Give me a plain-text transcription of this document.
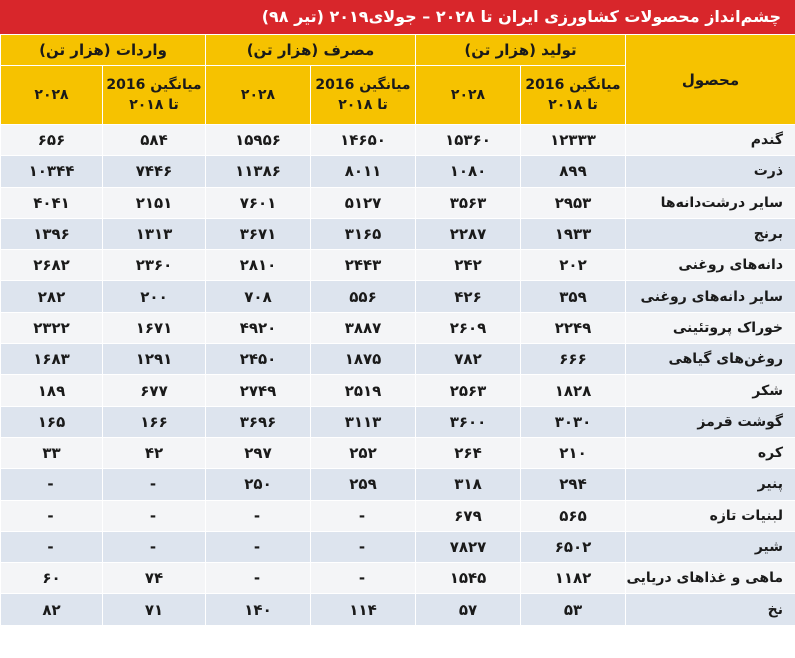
چشم‌انداز محصولات کشاورزی ایران تا ۲۰۲۸ – جولای۲۰۱۹ (تیر ۹۸)
محصول	تولید (هزار تن)		مصرف (هزار تن)		واردات (هزار تن)	
	میانگین 2016 تا ۲۰۱۸	۲۰۲۸	میانگین 2016 تا ۲۰۱۸	۲۰۲۸	میانگین 2016 تا ۲۰۱۸	۲۰۲۸
گندم	۱۲۳۳۳	۱۵۳۶۰	۱۴۶۵۰	۱۵۹۵۶	۵۸۴	۶۵۶
ذرت	۸۹۹	۱۰۸۰	۸۰۱۱	۱۱۳۸۶	۷۴۴۶	۱۰۳۴۴
سایر درشت‌دانه‌ها	۲۹۵۳	۳۵۶۳	۵۱۲۷	۷۶۰۱	۲۱۵۱	۴۰۴۱
برنج	۱۹۳۳	۲۲۸۷	۳۱۶۵	۳۶۷۱	۱۳۱۳	۱۳۹۶
دانه‌های روغنی	۲۰۲	۲۴۲	۲۴۴۳	۲۸۱۰	۲۳۶۰	۲۶۸۲
سایر دانه‌های روغنی	۳۵۹	۴۲۶	۵۵۶	۷۰۸	۲۰۰	۲۸۲
خوراک پروتئینی	۲۲۴۹	۲۶۰۹	۳۸۸۷	۴۹۲۰	۱۶۷۱	۲۳۲۲
روغن‌های گیاهی	۶۶۶	۷۸۲	۱۸۷۵	۲۴۵۰	۱۲۹۱	۱۶۸۳
شکر	۱۸۲۸	۲۵۶۳	۲۵۱۹	۲۷۴۹	۶۷۷	۱۸۹
گوشت قرمز	۳۰۳۰	۳۶۰۰	۳۱۱۳	۳۶۹۶	۱۶۶	۱۶۵
کره	۲۱۰	۲۶۴	۲۵۲	۲۹۷	۴۲	۳۳
پنیر	۲۹۴	۳۱۸	۲۵۹	۲۵۰	-	-
لبنیات تازه	۵۶۵	۶۷۹	-	-	-	-
شیر	۶۵۰۲	۷۸۲۷	-	-	-	-
ماهی و غذاهای دریایی	۱۱۸۲	۱۵۴۵	-	-	۷۴	۶۰
نخ	۵۳	۵۷	۱۱۴	۱۴۰	۷۱	۸۲
